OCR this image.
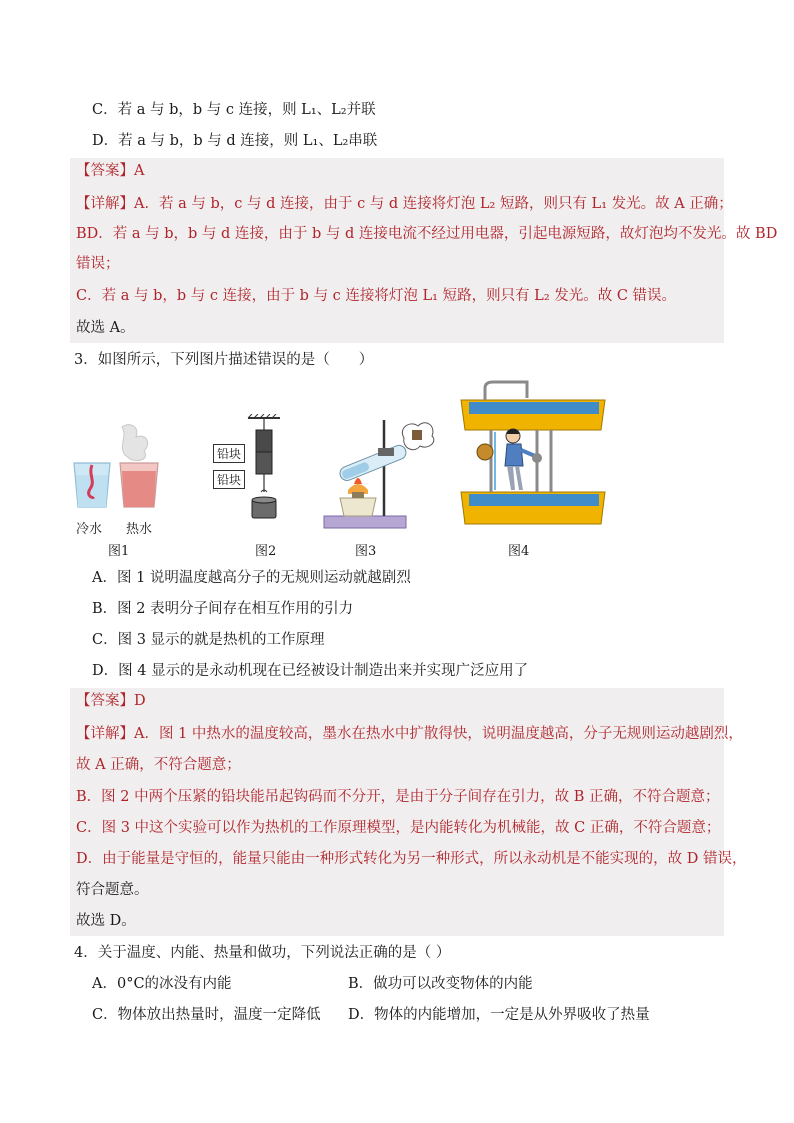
C．若 a 与 b，b 与 c 连接，则 L₁、L₂并联
D．若 a 与 b，b 与 d 连接，则 L₁、L₂串联
【答案】A
【详解】A．若 a 与 b，c 与 d 连接，由于 c 与 d 连接将灯泡 L₂ 短路，则只有 L₁ 发光。故 A 正确；
BD．若 a 与 b，b 与 d 连接，由于 b 与 d 连接电流不经过用电器，引起电源短路，故灯泡均不发光。故 BD
错误；
C．若 a 与 b，b 与 c 连接，由于 b 与 c 连接将灯泡 L₁ 短路，则只有 L₂ 发光。故 C 错误。
故选 A。
3．如图所示，下列图片描述错误的是（　　）
冷水 热水
铅块
铅块
图1	图2	图3	图4
A．图 1 说明温度越高分子的无规则运动就越剧烈
B．图 2 表明分子间存在相互作用的引力
C．图 3 显示的就是热机的工作原理
D．图 4 显示的是永动机现在已经被设计制造出来并实现广泛应用了
【答案】D
【详解】A．图 1 中热水的温度较高，墨水在热水中扩散得快，说明温度越高，分子无规则运动越剧烈，
故 A 正确，不符合题意；
B．图 2 中两个压紧的铅块能吊起钩码而不分开，是由于分子间存在引力，故 B 正确，不符合题意；
C．图 3 中这个实验可以作为热机的工作原理模型，是内能转化为机械能，故 C 正确，不符合题意；
D．由于能量是守恒的，能量只能由一种形式转化为另一种形式，所以永动机是不能实现的，故 D 错误，
符合题意。
故选 D。
4．关于温度、内能、热量和做功，下列说法正确的是（ ）
A．0°C的冰没有内能	B．做功可以改变物体的内能
C．物体放出热量时，温度一定降低 D．物体的内能增加，一定是从外界吸收了热量
